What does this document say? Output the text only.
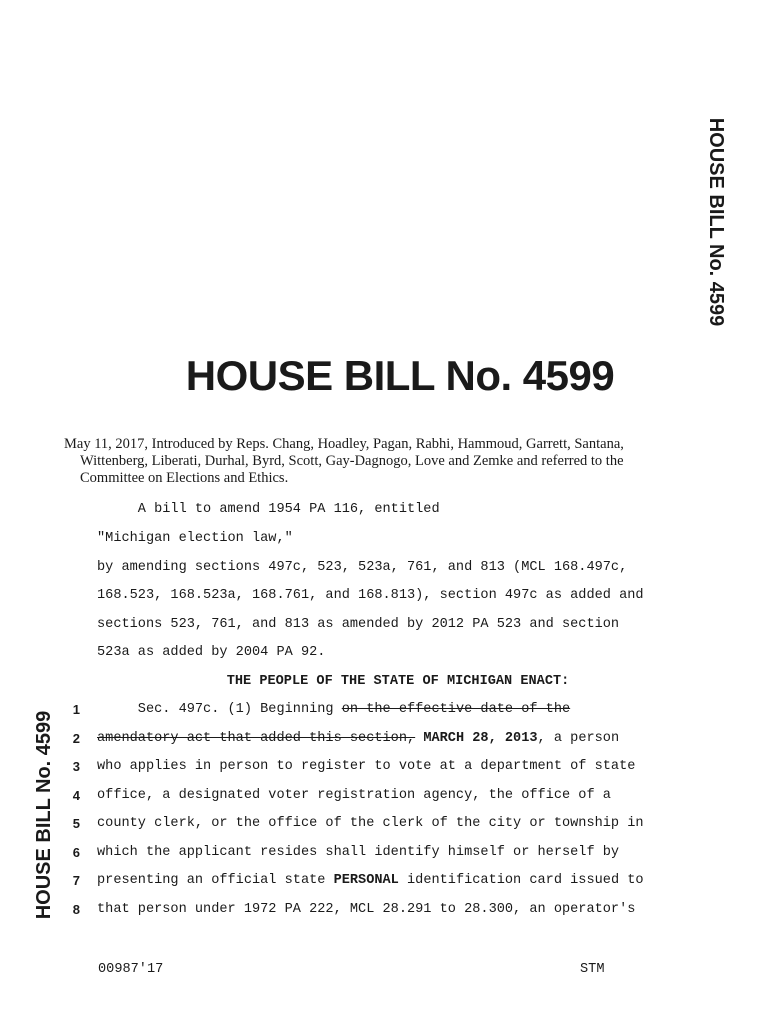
HOUSE BILL No. 4599
HOUSE BILL No. 4599
HOUSE BILL No. 4599
May 11, 2017, Introduced by Reps. Chang, Hoadley, Pagan, Rabhi, Hammoud, Garrett, Santana, Wittenberg, Liberati, Durhal, Byrd, Scott, Gay-Dagnogo, Love and Zemke and referred to the Committee on Elections and Ethics.
A bill to amend 1954 PA 116, entitled
"Michigan election law,"
by amending sections 497c, 523, 523a, 761, and 813 (MCL 168.497c,
168.523, 168.523a, 168.761, and 168.813), section 497c as added and
sections 523, 761, and 813 as amended by 2012 PA 523 and section
523a as added by 2004 PA 92.
THE PEOPLE OF THE STATE OF MICHIGAN ENACT:
1 Sec. 497c. (1) Beginning on the effective date of the
2 amendatory act that added this section, MARCH 28, 2013, a person
3 who applies in person to register to vote at a department of state
4 office, a designated voter registration agency, the office of a
5 county clerk, or the office of the clerk of the city or township in
6 which the applicant resides shall identify himself or herself by
7 presenting an official state PERSONAL identification card issued to
8 that person under 1972 PA 222, MCL 28.291 to 28.300, an operator's
00987'17	STM
